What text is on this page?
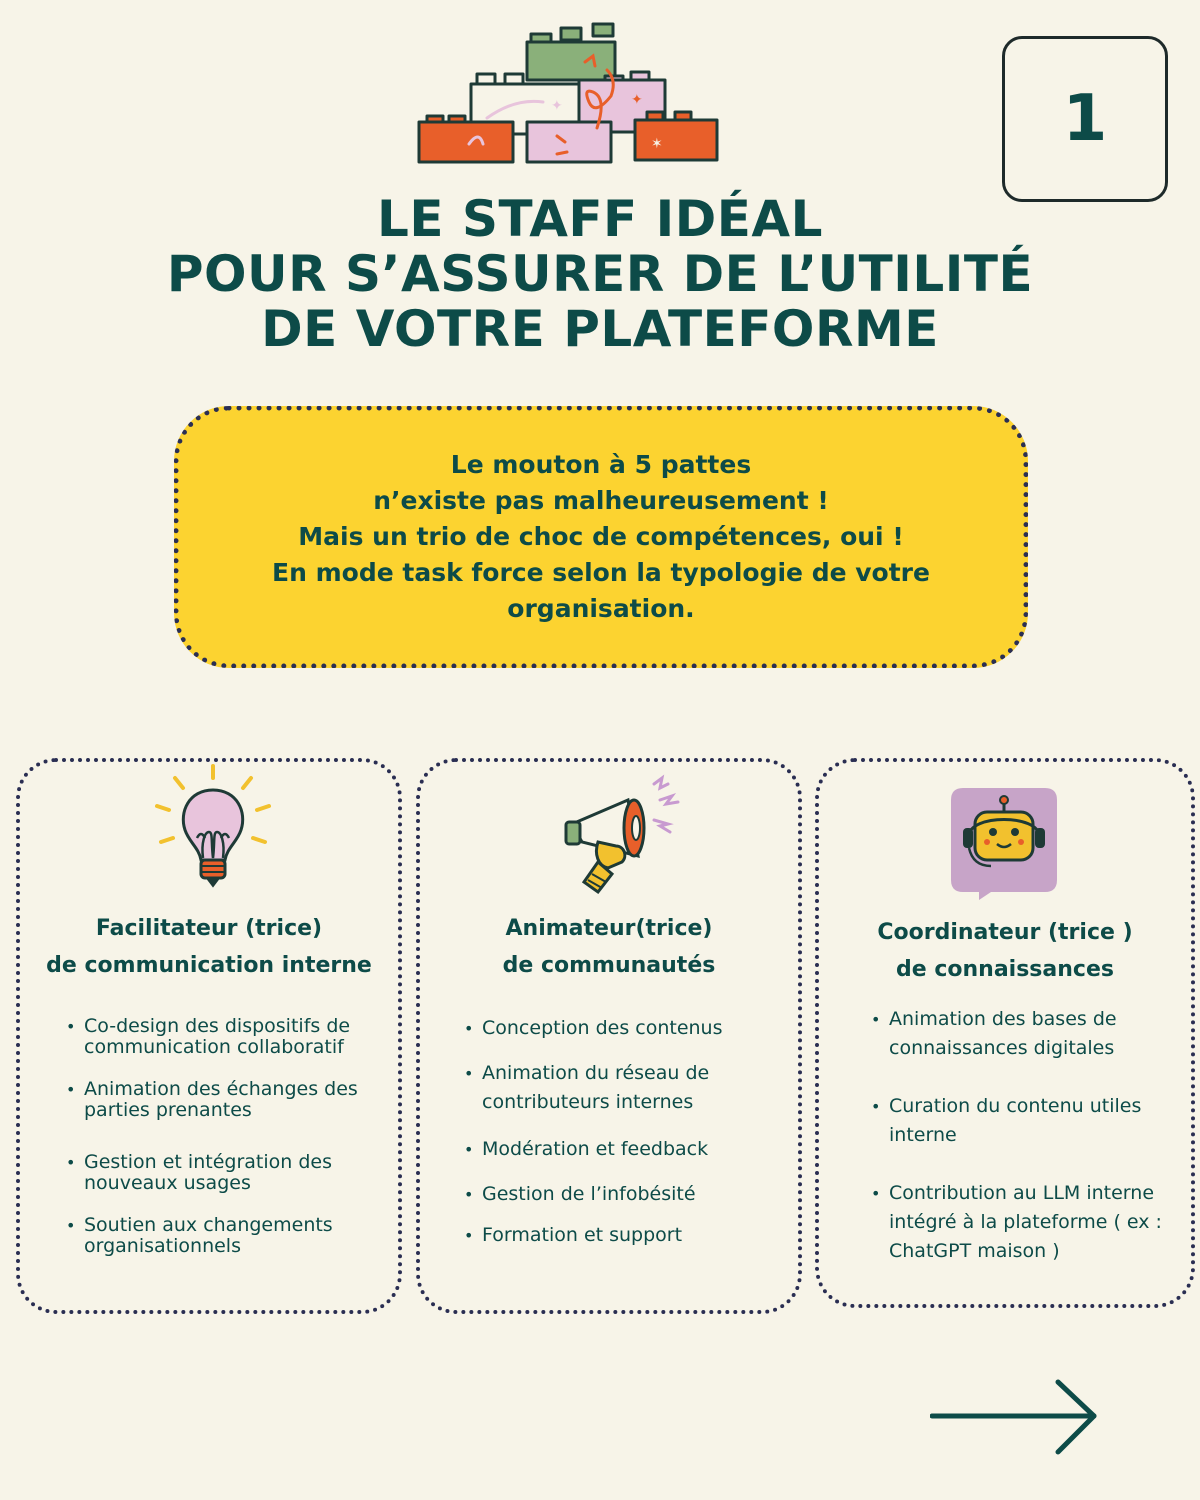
✦	✦
✶	1
LE STAFF IDÉAL
POUR S’ASSURER DE L’UTILITÉ
DE VOTRE PLATEFORME
Le mouton à 5 pattes
n’existe pas malheureusement !
Mais un trio de choc de compétences, oui !
En mode task force selon la typologie de votre
organisation.
Facilitateur (trice)
de communication interne
• Co-design des dispositifs de communication collaboratif
• Animation des échanges des parties prenantes
• Gestion et intégration des nouveaux usages
• Soutien aux changements organisationnels
Animateur(trice)
de communautés
• Conception des contenus
• Animation du réseau de contributeurs internes
• Modération et feedback
• Gestion de l’infobésité
• Formation et support
Coordinateur (trice )
de connaissances
• Animation des bases de connaissances digitales
• Curation du contenu utiles interne
• Contribution au LLM interne intégré à la plateforme ( ex : ChatGPT maison )
